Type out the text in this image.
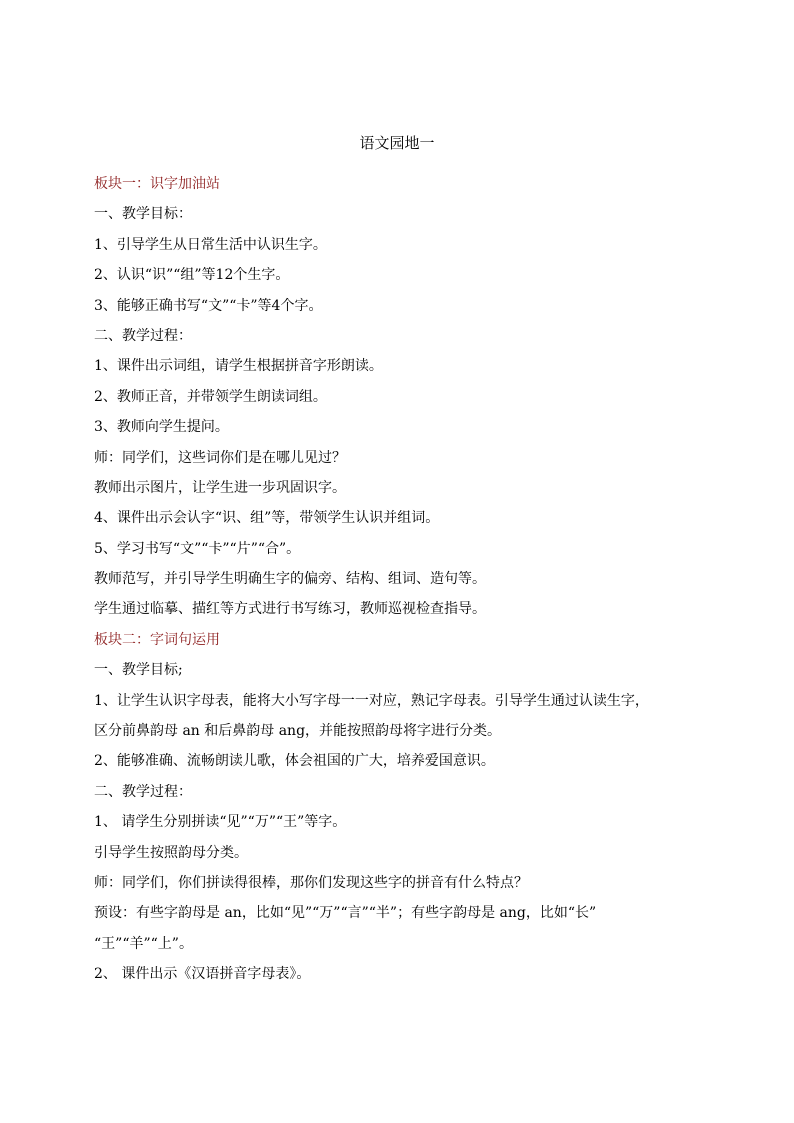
语文园地一
板块一：识字加油站
一、教学目标：
1、引导学生从日常生活中认识生字。
2、认识“识”“组”等12个生字。
3、能够正确书写“文”“卡”等4个字。
二、教学过程：
1、课件出示词组，请学生根据拼音字形朗读。
2、教师正音，并带领学生朗读词组。
3、教师向学生提问。
师：同学们，这些词你们是在哪儿见过？
教师出示图片，让学生进一步巩固识字。
4、课件出示会认字“识、组”等，带领学生认识并组词。
5、学习书写“文”“卡”“片”“合”。
教师范写，并引导学生明确生字的偏旁、结构、组词、造句等。
学生通过临摹、描红等方式进行书写练习，教师巡视检查指导。
板块二：字词句运用
一、教学目标;
1、让学生认识字母表，能将大小写字母一一对应，熟记字母表。引导学生通过认读生字，
区分前鼻韵母 an 和后鼻韵母 ang，并能按照韵母将字进行分类。
2、能够准确、流畅朗读儿歌，体会祖国的广大，培养爱国意识。
二、教学过程：
1、 请学生分别拼读“见”“万”“王”等字。
引导学生按照韵母分类。
师：同学们，你们拼读得很棒，那你们发现这些字的拼音有什么特点？
预设：有些字韵母是 an，比如“见”“万”“言”“半”；有些字韵母是 ang，比如“长”
“王”“羊”“上”。
2、 课件出示《汉语拼音字母表》。
